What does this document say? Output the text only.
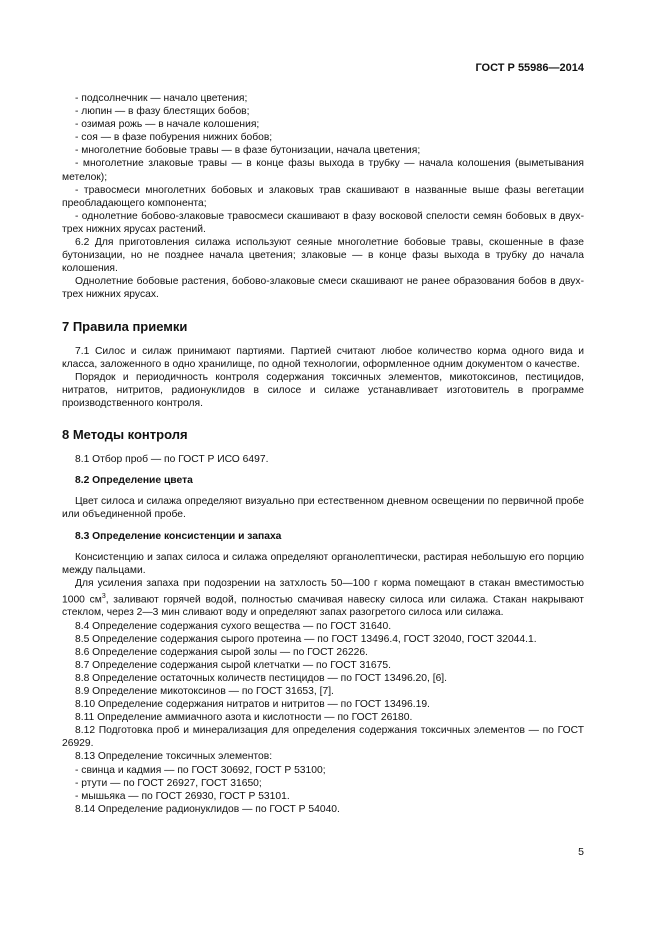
ГОСТ Р 55986—2014

- подсолнечник — начало цветения;

- люпин — в фазу блестящих бобов;

- озимая рожь — в начале колошения;

- соя — в фазе побурения нижних бобов;

- многолетние бобовые травы — в фазе бутонизации, начала цветения;

- многолетние злаковые травы — в конце фазы выхода в трубку — начала колошения (выметывания метелок);

- травосмеси многолетних бобовых и злаковых трав скашивают в названные выше фазы вегетации преобладающего компонента;

- однолетние бобово-злаковые травосмеси скашивают в фазу восковой спелости семян бобовых в двух-трех нижних ярусах растений.

6.2 Для приготовления силажа используют сеяные многолетние бобовые травы, скошенные в фазе бутонизации, но не позднее начала цветения; злаковые — в конце фазы выхода в трубку до начала колошения.

Однолетние бобовые растения, бобово-злаковые смеси скашивают не ранее образования бобов в двух-трех нижних ярусах.

7 Правила приемки

7.1 Силос и силаж принимают партиями. Партией считают любое количество корма одного вида и класса, заложенного в одно хранилище, по одной технологии, оформленное одним документом о качестве.

Порядок и периодичность контроля содержания токсичных элементов, микотоксинов, пестицидов, нитратов, нитритов, радионуклидов в силосе и силаже устанавливает изготовитель в программе производственного контроля.

8 Методы контроля

8.1 Отбор проб — по ГОСТ Р ИСО 6497.

8.2 Определение цвета

Цвет силоса и силажа определяют визуально при естественном дневном освещении по первичной пробе или объединенной пробе.

8.3 Определение консистенции и запаха

Консистенцию и запах силоса и силажа определяют органолептически, растирая небольшую его порцию между пальцами.

Для усиления запаха при подозрении на затхлость 50—100 г корма помещают в стакан вместимостью 1000 $см^3$, заливают горячей водой, полностью смачивая навеску силоса или силажа. Стакан накрывают стеклом, через 2—3 мин сливают воду и определяют запах разогретого силоса или силажа.

8.4 Определение содержания сухого вещества — по ГОСТ 31640.

8.5 Определение содержания сырого протеина — по ГОСТ 13496.4, ГОСТ 32040, ГОСТ 32044.1.

8.6 Определение содержания сырой золы — по ГОСТ 26226.

8.7 Определение содержания сырой клетчатки — по ГОСТ 31675.

8.8 Определение остаточных количеств пестицидов — по ГОСТ 13496.20, [6].

8.9 Определение микотоксинов — по ГОСТ 31653, [7].

8.10 Определение содержания нитратов и нитритов — по ГОСТ 13496.19.

8.11 Определение аммиачного азота и кислотности — по ГОСТ 26180.

8.12 Подготовка проб и минерализация для определения содержания токсичных элементов — по ГОСТ 26929.

8.13 Определение токсичных элементов:

- свинца и кадмия — по ГОСТ 30692, ГОСТ Р 53100;

- ртути — по ГОСТ 26927, ГОСТ 31650;

- мышьяка — по ГОСТ 26930, ГОСТ Р 53101.

8.14 Определение радионуклидов — по ГОСТ Р 54040.

5
